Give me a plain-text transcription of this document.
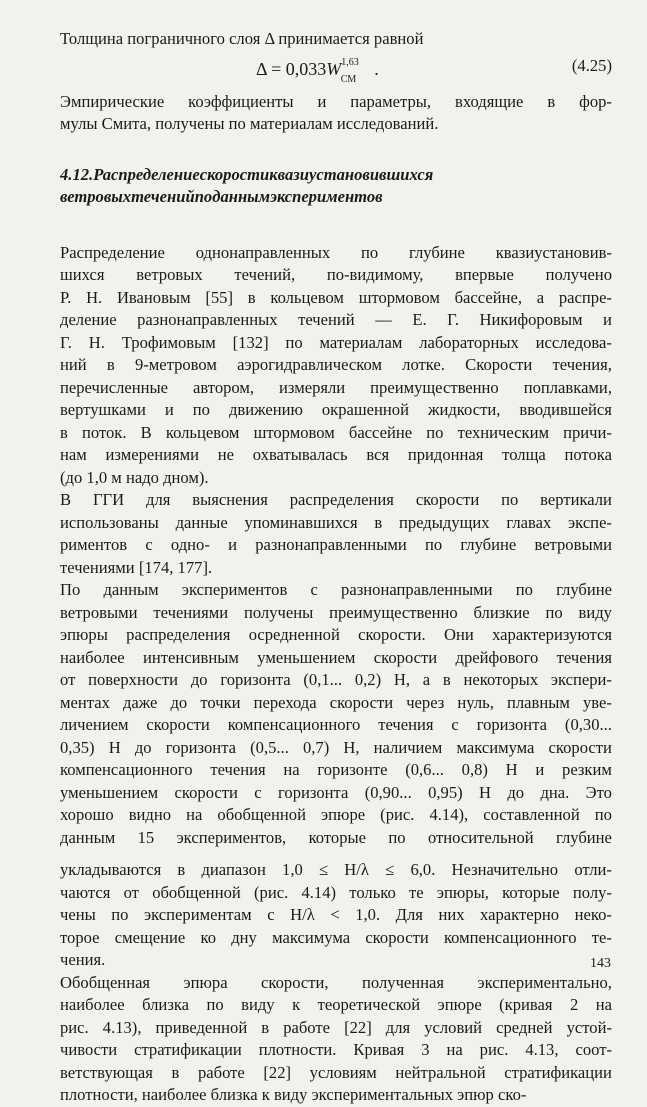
Толщина пограничного слоя Δ принимается равной
$\Delta = 0,033W^{1,63}_{СМ}$.	(4.25)
Эмпирические коэффициенты и параметры, входящие в фор-
мулы Смита, получены по материалам исследований.
4.12. Распределение скорости квазиустановившихся
ветровых течений по данным экспериментов
Распределение однонаправленных по глубине квазиустановив-
шихся ветровых течений, по-видимому, впервые получено
Р. Н. Ивановым [55] в кольцевом штормовом бассейне, а распре-
деление разнонаправленных течений — Е. Г. Никифоровым и
Г. Н. Трофимовым [132] по материалам лабораторных исследова-
ний в 9-метровом аэрогидравлическом лотке. Скорости течения,
перечисленные автором, измеряли преимущественно поплавками,
вертушками и по движению окрашенной жидкости, вводившейся
в поток. В кольцевом штормовом бассейне по техническим причи-
нам измерениями не охватывалась вся придонная толща потока
(до 1,0 м надо дном).
В ГГИ для выяснения распределения скорости по вертикали
использованы данные упоминавшихся в предыдущих главах экспе-
риментов с одно- и разнонаправленными по глубине ветровыми
течениями [174, 177].
По данным экспериментов с разнонаправленными по глубине
ветровыми течениями получены преимущественно близкие по виду
эпюры распределения осредненной скорости. Они характеризуются
наиболее интенсивным уменьшением скорости дрейфового течения
от поверхности до горизонта (0,1... 0,2) H, а в некоторых экспери-
ментах даже до точки перехода скорости через нуль, плавным уве-
личением скорости компенсационного течения с горизонта (0,30...
0,35) H до горизонта (0,5... 0,7) H, наличием максимума скорости
компенсационного течения на горизонте (0,6... 0,8) H и резким
уменьшением скорости с горизонта (0,90... 0,95) H до дна. Это
хорошо видно на обобщенной эпюре (рис. 4.14), составленной по
данным 15 экспериментов, которые по относительной глубине
укладываются в диапазон 1,0 ≤ H/λ ≤ 6,0. Незначительно отли-
чаются от обобщенной (рис. 4.14) только те эпюры, которые полу-
чены по экспериментам с H/λ < 1,0. Для них характерно неко-
торое смещение ко дну максимума скорости компенсационного те-
чения.
Обобщенная эпюра скорости, полученная экспериментально,
наиболее близка по виду к теоретической эпюре (кривая 2 на
рис. 4.13), приведенной в работе [22] для условий средней устой-
чивости стратификации плотности. Кривая 3 на рис. 4.13, соот-
ветствующая в работе [22] условиям нейтральной стратификации
плотности, наиболее близка к виду экспериментальных эпюр ско-
143
